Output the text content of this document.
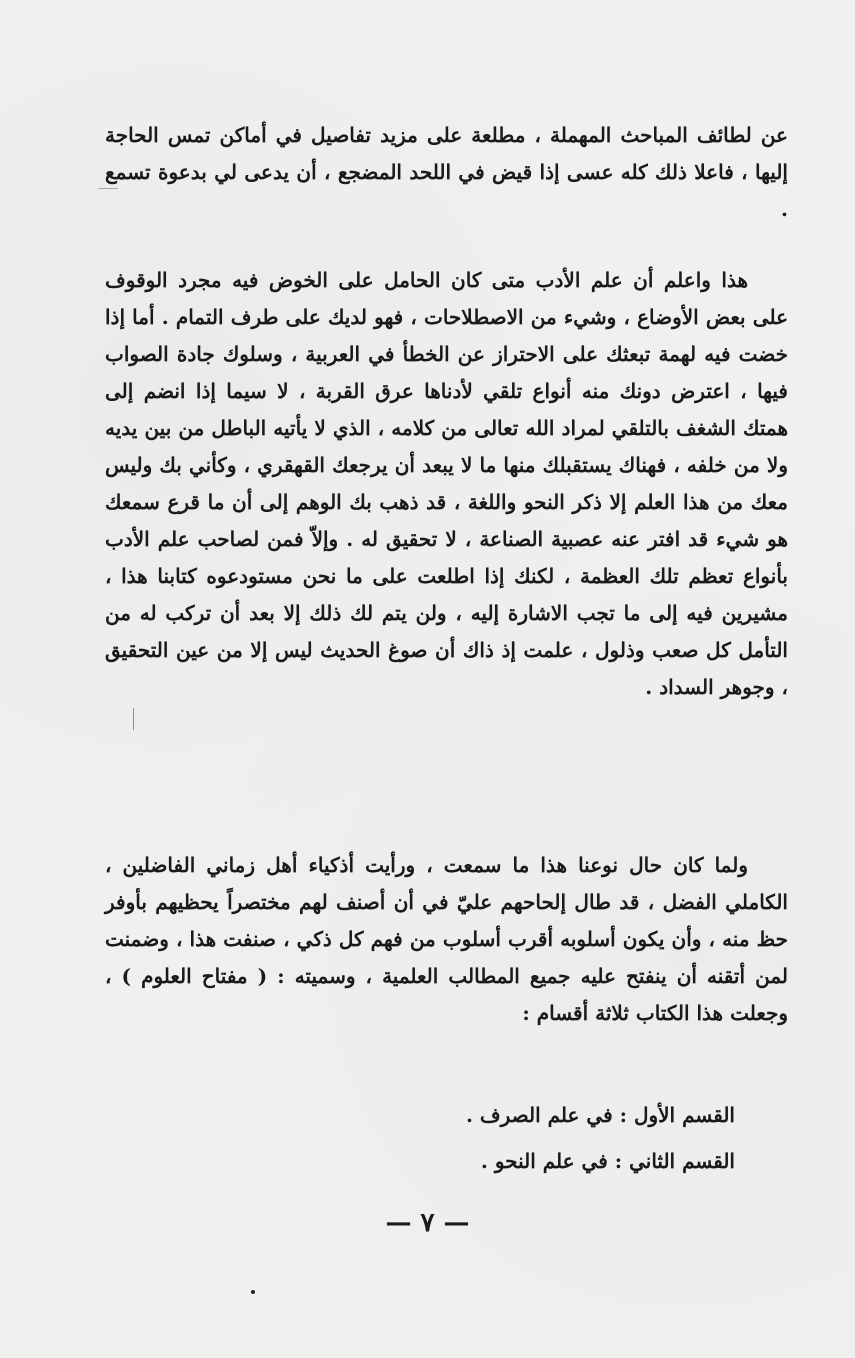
عن لطائف المباحث المهملة ، مطلعة على مزيد تفاصيل في أماكن تمس الحاجة إليها ، فاعلا ذلك كله عسى إذا قيض في اللحد المضجع ، أن يدعى لي بدعوة تسمع .
هذا واعلم أن علم الأدب متى كان الحامل على الخوض فيه مجرد الوقوف على بعض الأوضاع ، وشيء من الاصطلاحات ، فهو لديك على طرف التمام . أما إذا خضت فيه لهمة تبعثك على الاحتراز عن الخطأ في العربية ، وسلوك جادة الصواب فيها ، اعترض دونك منه أنواع تلقي لأدناها عرق القربة ، لا سيما إذا انضم إلى همتك الشغف بالتلقي لمراد الله تعالى من كلامه ، الذي لا يأتيه الباطل من بين يديه ولا من خلفه ، فهناك يستقبلك منها ما لا يبعد أن يرجعك القهقري ، وكأني بك وليس معك من هذا العلم إلا ذكر النحو واللغة ، قد ذهب بك الوهم إلى أن ما قرع سمعك هو شيء قد افتر عنه عصبية الصناعة ، لا تحقيق له . وإلاّ فمن لصاحب علم الأدب بأنواع تعظم تلك العظمة ، لكنك إذا اطلعت على ما نحن مستودعوه كتابنا هذا ، مشيرين فيه إلى ما تجب الاشارة إليه ، ولن يتم لك ذلك إلا بعد أن تركب له من التأمل كل صعب وذلول ، علمت إذ ذاك أن صوغ الحديث ليس إلا من عين التحقيق ، وجوهر السداد .
ولما كان حال نوعنا هذا ما سمعت ، ورأيت أذكياء أهل زماني الفاضلين ، الكاملي الفضل ، قد طال إلحاحهم عليّ في أن أصنف لهم مختصراً يحظيهم بأوفر حظ منه ، وأن يكون أسلوبه أقرب أسلوب من فهم كل ذكي ، صنفت هذا ، وضمنت لمن أتقنه أن ينفتح عليه جميع المطالب العلمية ، وسميته : ( مفتاح العلوم ) ، وجعلت هذا الكتاب ثلاثة أقسام :
القسم الأول : في علم الصرف .
القسم الثاني : في علم النحو .
— ٧ —
